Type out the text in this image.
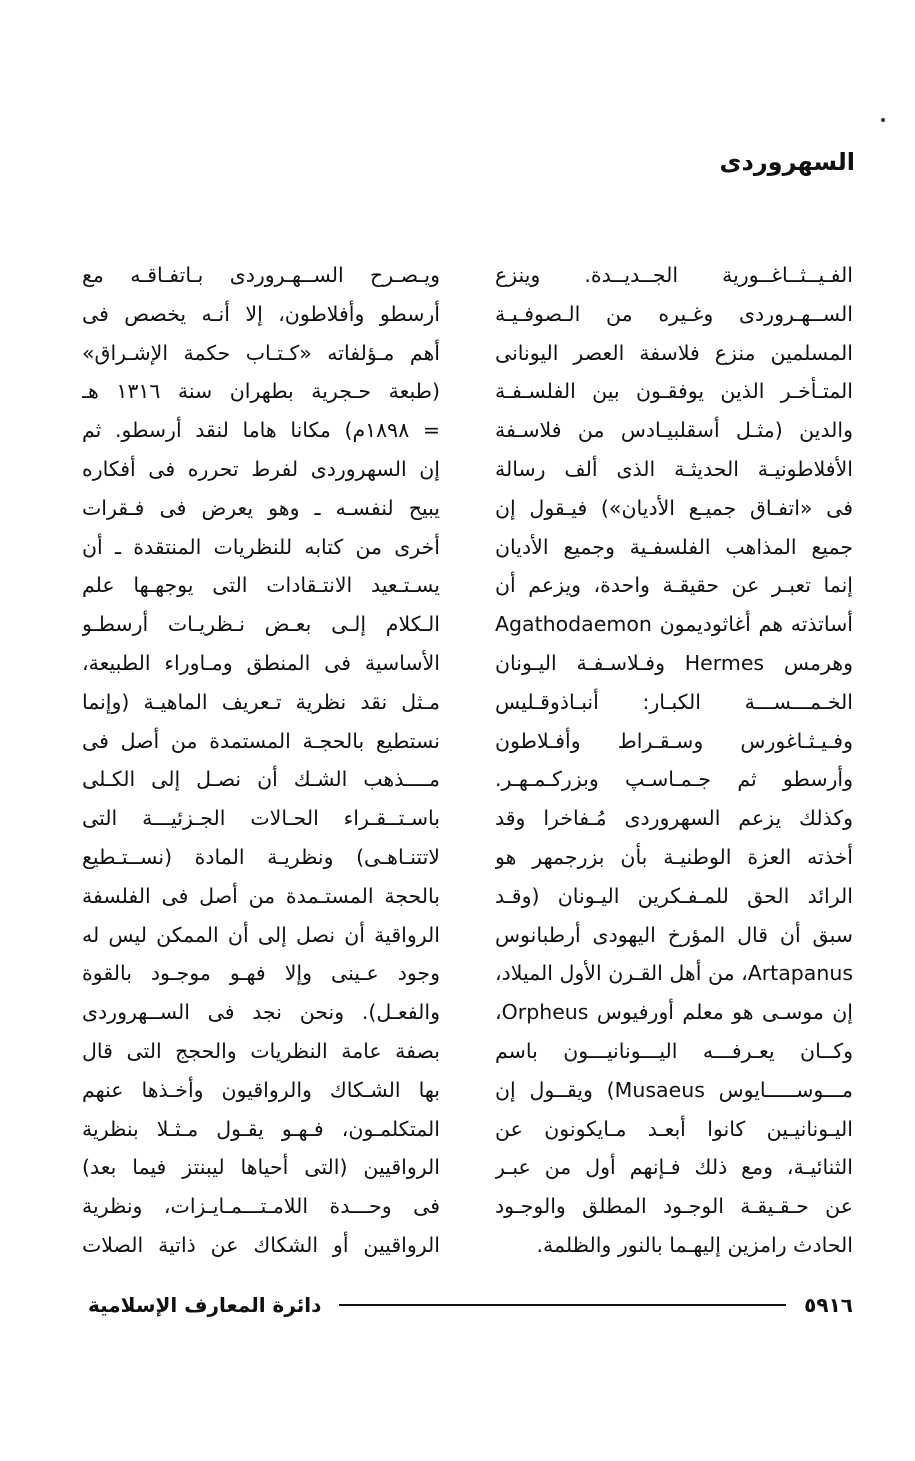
السهروردى
الفـيــثــاغــورية الجــديــدة. وينزع
الســهـروردى وغـيره من الـصوفـيـة
المسلمين منزع فلاسفة العصر اليونانى
المتـأخـر الذين يوفقـون بين الفلسـفـة
والدين (مثـل أسقلبيـادس من فلاسـفة
الأفلاطونيـة الحديثـة الذى ألف رسالة
فى «اتفـاق جميـع الأديان») فيـقول إن
جميع المذاهب الفلسفـية وجميع الأديان
إنما تعبـر عن حقيقـة واحدة، ويزعم أن
أساتذته هم أغاثوديمون Agathodaemon
وهرمس Hermes وفـلاسـفـة اليـونان
الخـمـــســـة الكبـار: أنبـاذوقـليس
وفـيـثـاغورس وسـقـراط وأفـلاطون
وأرسطو ثم جـمـاسـپ وبزركـمـهـر.
وكذلك يزعم السهروردى مُـفاخرا وقد
أخذته العزة الوطنيـة بأن بزرجمهر هو
الرائد الحق للمـفـكرين اليـونان (وقـد
سبق أن قال المؤرخ اليهودى أرطبانوس
Artapanus، من أهل القـرن الأول الميلاد،
إن موسـى هو معلم أورفيوس Orpheus،
وكــان يعـرفـــه اليـــونانيـــون باسم
مـــوســـــايوس Musaeus) ويقــول إن
اليـونانيـين كانوا أبعـد مـايكونون عن
الثنائيـة، ومع ذلك فـإنهم أول من عبـر
عن حـقـيقـة الوجـود المطلق والوجـود
الحادث رامزين إليهـما بالنور والظلمة.
ويـصـرح الســهـروردى بـاتفـاقـه مع
أرسطو وأفلاطون، إلا أنـه يخصص فى
أهم مـؤلفاته «كـتـاب حكمة الإشـراق»
(طبعة حـجرية بطهران سنة ١٣١٦ هـ
= ١٨٩٨م) مكانا هاما لنقد أرسطو. ثم
إن السهروردى لفرط تحرره فى أفكاره
يبيح لنفسـه ـ وهو يعرض فى فـقرات
أخرى من كتابه للنظريات المنتقدة ـ أن
يسـتـعيد الانتـقادات التى يوجهـها علم
الـكلام إلـى بعـض نـظريـات أرسطـو
الأساسية فى المنطق ومـاوراء الطبيعة،
مـثل نقد نظرية تـعريف الماهيـة (وإنما
نستطيع بالحجـة المستمدة من أصل فى
مــــذهب الشـك أن نصـل إلى الكـلى
باسـتــقـراء الحـالات الجـزئيـــة التى
لاتتنـاهـى) ونظريـة المادة (نســتـطيع
بالحجة المستـمدة من أصل فى الفلسفة
الرواقية أن نصل إلى أن الممكن ليس له
وجود عـينى وإلا فهـو موجـود بالقوة
والفعـل). ونحن نجد فى الســهروردى
بصفة عامة النظريات والحجج التى قال
بها الشـكاك والرواقيون وأخـذها عنهم
المتكلمـون، فـهـو يقـول مـثـلا بنظرية
الرواقيين (التى أحياها ليبنتز فيما بعد)
فى وحـــدة اللامـتـــمـايـزات، ونظرية
الرواقيين أو الشكاك عن ذاتية الصلات
٥٩١٦
دائرة المعارف الإسلامية
